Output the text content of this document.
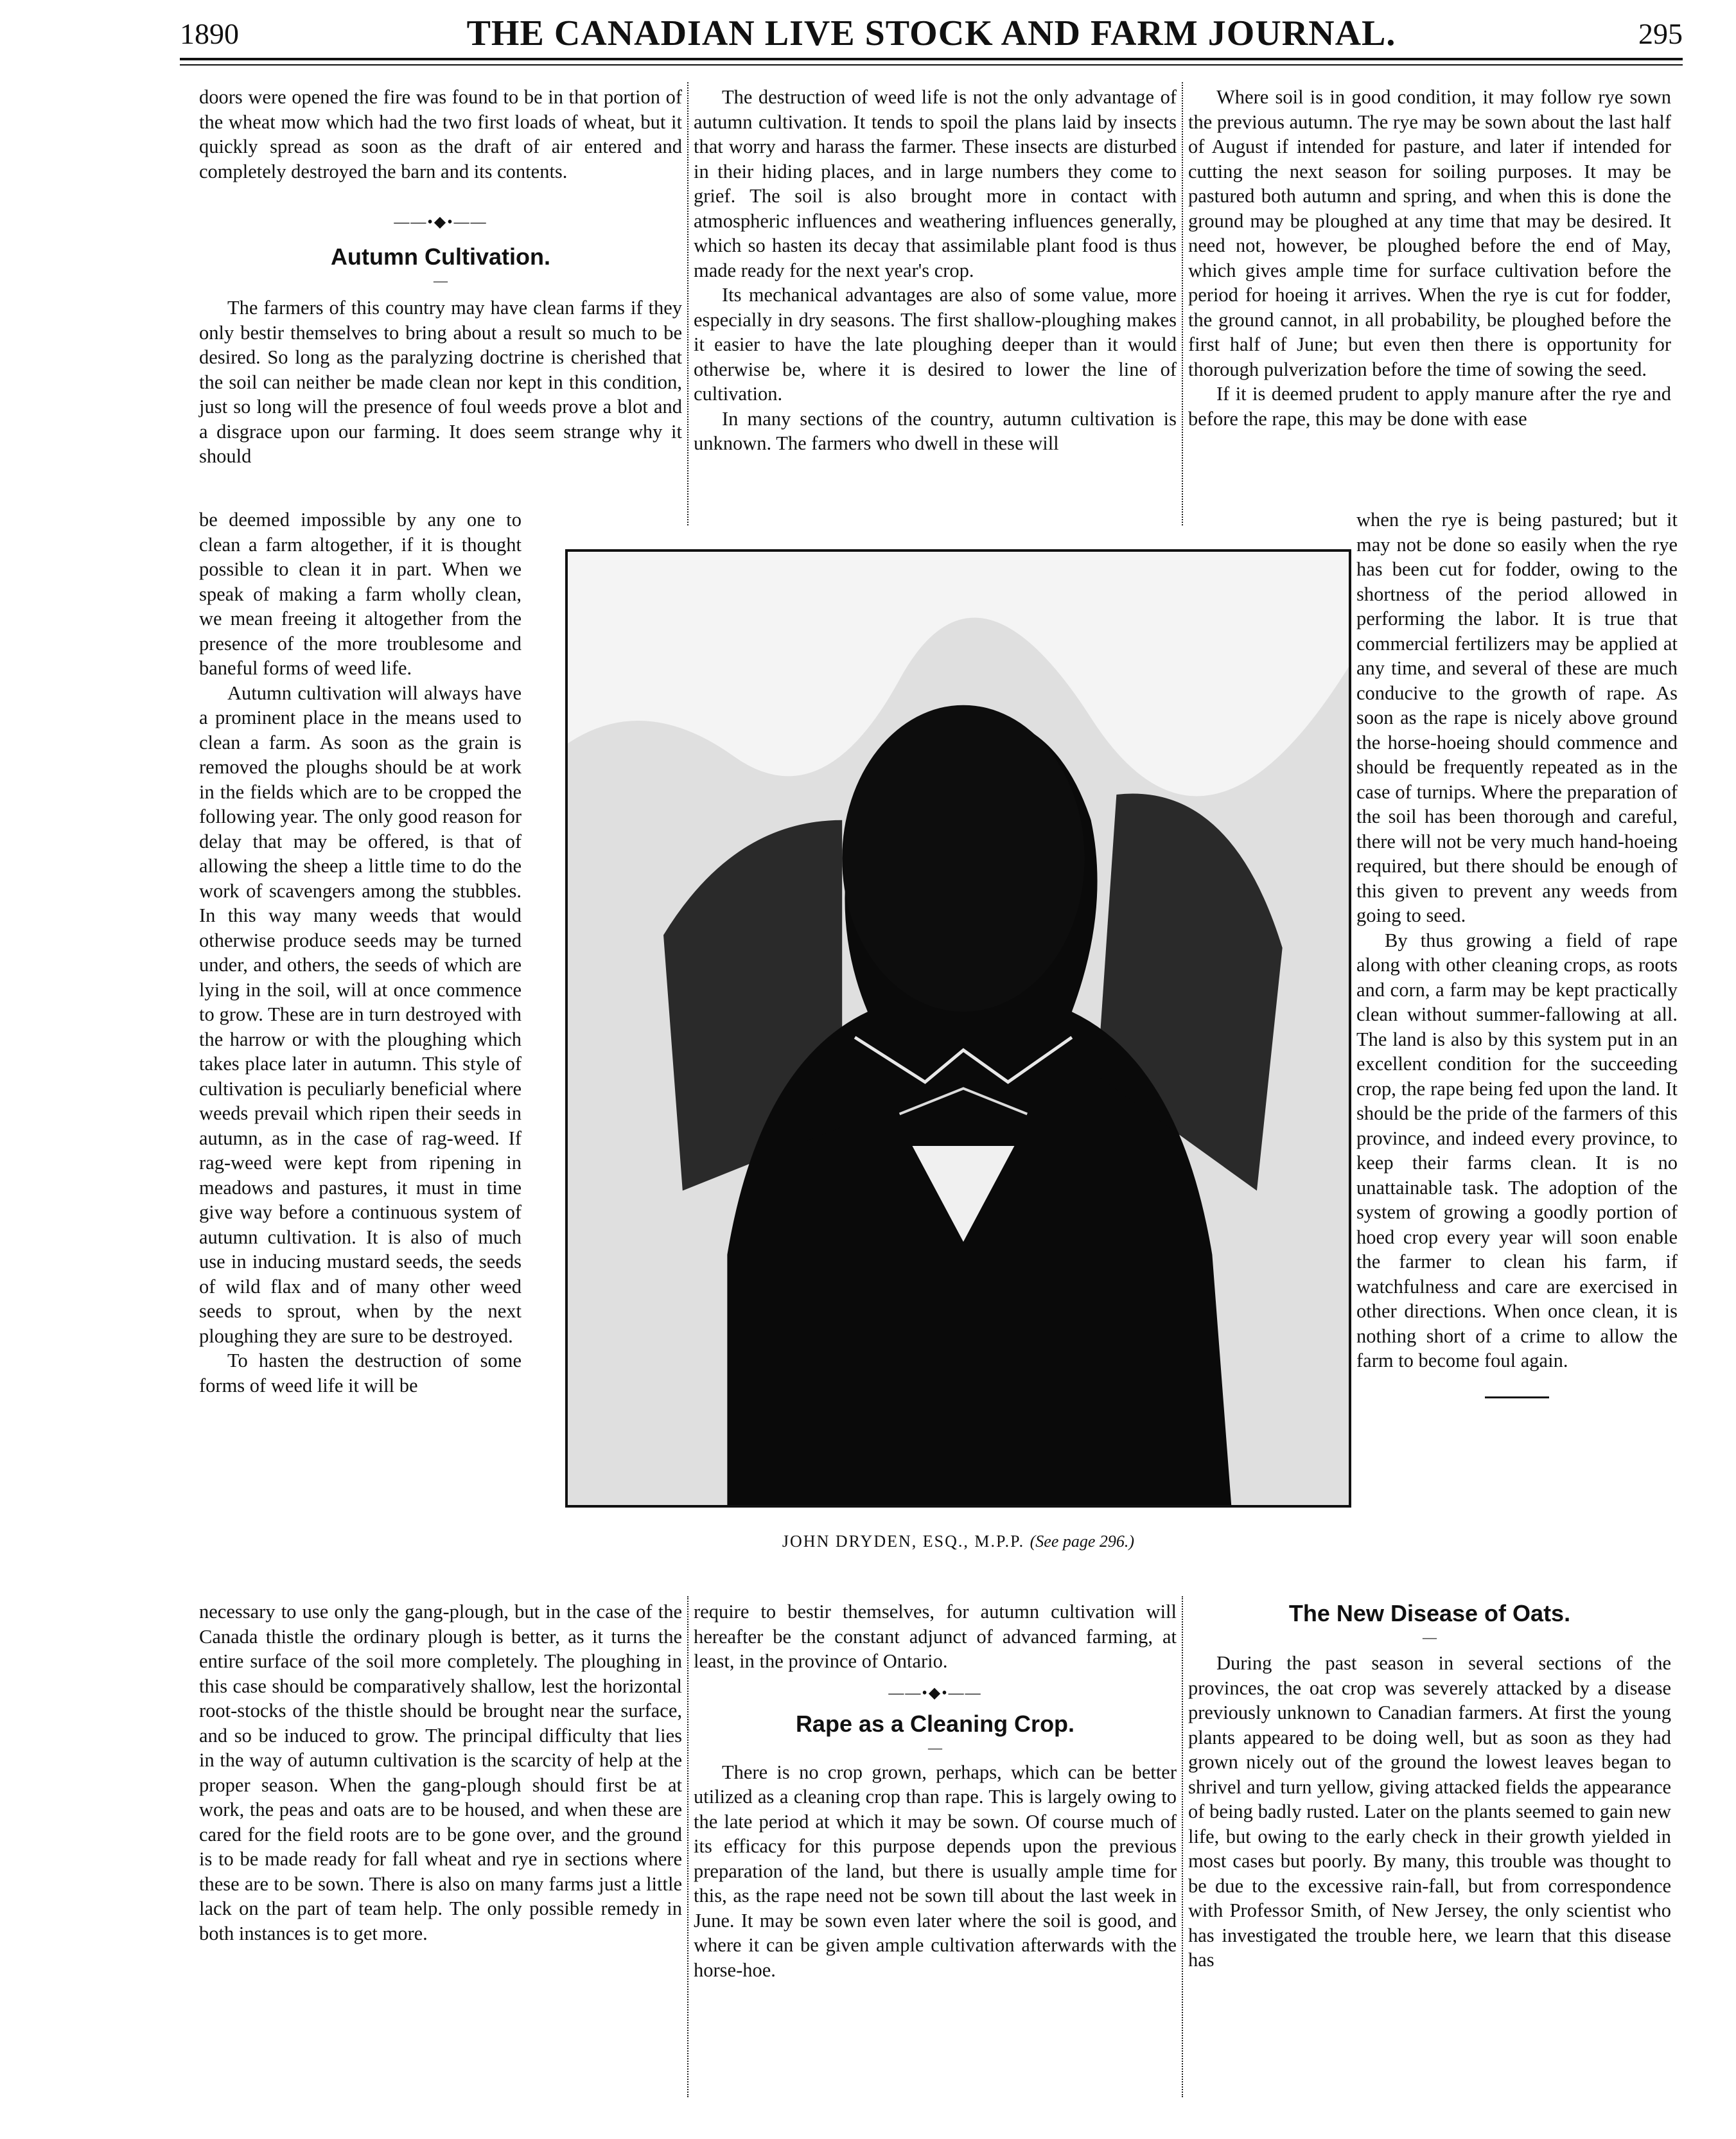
1890	THE CANADIAN LIVE STOCK AND FARM JOURNAL.	295

doors were opened the fire was found to be in that portion of the wheat mow which had the two first loads of wheat, but it quickly spread as soon as the draft of air entered and completely destroyed the barn and its contents.

——•◆•——
Autumn Cultivation.
—

The farmers of this country may have clean farms if they only bestir themselves to bring about a result so much to be desired. So long as the paralyzing doctrine is cherished that the soil can neither be made clean nor kept in this condition, just so long will the presence of foul weeds prove a blot and a disgrace upon our farming. It does seem strange why it should

be deemed impossible by any one to clean a farm altogether, if it is thought possible to clean it in part. When we speak of making a farm wholly clean, we mean freeing it altogether from the presence of the more troublesome and baneful forms of weed life.

Autumn cultivation will always have a prominent place in the means used to clean a farm. As soon as the grain is removed the ploughs should be at work in the fields which are to be cropped the following year. The only good reason for delay that may be offered, is that of allowing the sheep a little time to do the work of scavengers among the stubbles. In this way many weeds that would otherwise produce seeds may be turned under, and others, the seeds of which are lying in the soil, will at once commence to grow. These are in turn destroyed with the harrow or with the ploughing which takes place later in autumn. This style of cultivation is peculiarly beneficial where weeds prevail which ripen their seeds in autumn, as in the case of rag-weed. If rag-weed were kept from ripening in meadows and pastures, it must in time give way before a continuous system of autumn cultivation. It is also of much use in inducing mustard seeds, the seeds of wild flax and of many other weed seeds to sprout, when by the next ploughing they are sure to be destroyed.

To hasten the destruction of some forms of weed life it will be

necessary to use only the gang-plough, but in the case of the Canada thistle the ordinary plough is better, as it turns the entire surface of the soil more completely. The ploughing in this case should be comparatively shallow, lest the horizontal root-stocks of the thistle should be brought near the surface, and so be induced to grow. The principal difficulty that lies in the way of autumn cultivation is the scarcity of help at the proper season. When the gang-plough should first be at work, the peas and oats are to be housed, and when these are cared for the field roots are to be gone over, and the ground is to be made ready for fall wheat and rye in sections where these are to be sown. There is also on many farms just a little lack on the part of team help. The only possible remedy in both instances is to get more.

The destruction of weed life is not the only advantage of autumn cultivation. It tends to spoil the plans laid by insects that worry and harass the farmer. These insects are disturbed in their hiding places, and in large numbers they come to grief. The soil is also brought more in contact with atmospheric influences and weathering influences generally, which so hasten its decay that assimilable plant food is thus made ready for the next year's crop.

Its mechanical advantages are also of some value, more especially in dry seasons. The first shallow-ploughing makes it easier to have the late ploughing deeper than it would otherwise be, where it is desired to lower the line of cultivation.

In many sections of the country, autumn cultivation is unknown. The farmers who dwell in these will

require to bestir themselves, for autumn cultivation will hereafter be the constant adjunct of advanced farming, at least, in the province of Ontario.

——•◆•——
Rape as a Cleaning Crop.
—

There is no crop grown, perhaps, which can be better utilized as a cleaning crop than rape. This is largely owing to the late period at which it may be sown. Of course much of its efficacy for this purpose depends upon the previous preparation of the land, but there is usually ample time for this, as the rape need not be sown till about the last week in June. It may be sown even later where the soil is good, and where it can be given ample cultivation afterwards with the horse-hoe.

Where soil is in good condition, it may follow rye sown the previous autumn. The rye may be sown about the last half of August if intended for pasture, and later if intended for cutting the next season for soiling purposes. It may be pastured both autumn and spring, and when this is done the ground may be ploughed at any time that may be desired. It need not, however, be ploughed before the end of May, which gives ample time for surface cultivation before the period for hoeing it arrives. When the rye is cut for fodder, the ground cannot, in all probability, be ploughed before the first half of June; but even then there is opportunity for thorough pulverization before the time of sowing the seed.

If it is deemed prudent to apply manure after the rye and before the rape, this may be done with ease

when the rye is being pastured; but it may not be done so easily when the rye has been cut for fodder, owing to the shortness of the period allowed in performing the labor. It is true that commercial fertilizers may be applied at any time, and several of these are much conducive to the growth of rape. As soon as the rape is nicely above ground the horse-hoeing should commence and should be frequently repeated as in the case of turnips. Where the preparation of the soil has been thorough and careful, there will not be very much hand-hoeing required, but there should be enough of this given to prevent any weeds from going to seed.

By thus growing a field of rape along with other cleaning crops, as roots and corn, a farm may be kept practically clean without summer-fallowing at all. The land is also by this system put in an excellent condition for the succeeding crop, the rape being fed upon the land. It should be the pride of the farmers of this province, and indeed every province, to keep their farms clean. It is no unattainable task. The adoption of the system of growing a goodly portion of hoed crop every year will soon enable the farmer to clean his farm, if watchfulness and care are exercised in other directions. When once clean, it is nothing short of a crime to allow the farm to become foul again.

The New Disease of Oats.
—

During the past season in several sections of the provinces, the oat crop was severely attacked by a disease previously unknown to Canadian farmers. At first the young plants appeared to be doing well, but as soon as they had grown nicely out of the ground the lowest leaves began to shrivel and turn yellow, giving attacked fields the appearance of being badly rusted. Later on the plants seemed to gain new life, but owing to the early check in their growth yielded in most cases but poorly. By many, this trouble was thought to be due to the excessive rain-fall, but from correspondence with Professor Smith, of New Jersey, the only scientist who has investigated the trouble here, we learn that this disease has

JOHN DRYDEN, ESQ., M.P.P. (See page 296.)
